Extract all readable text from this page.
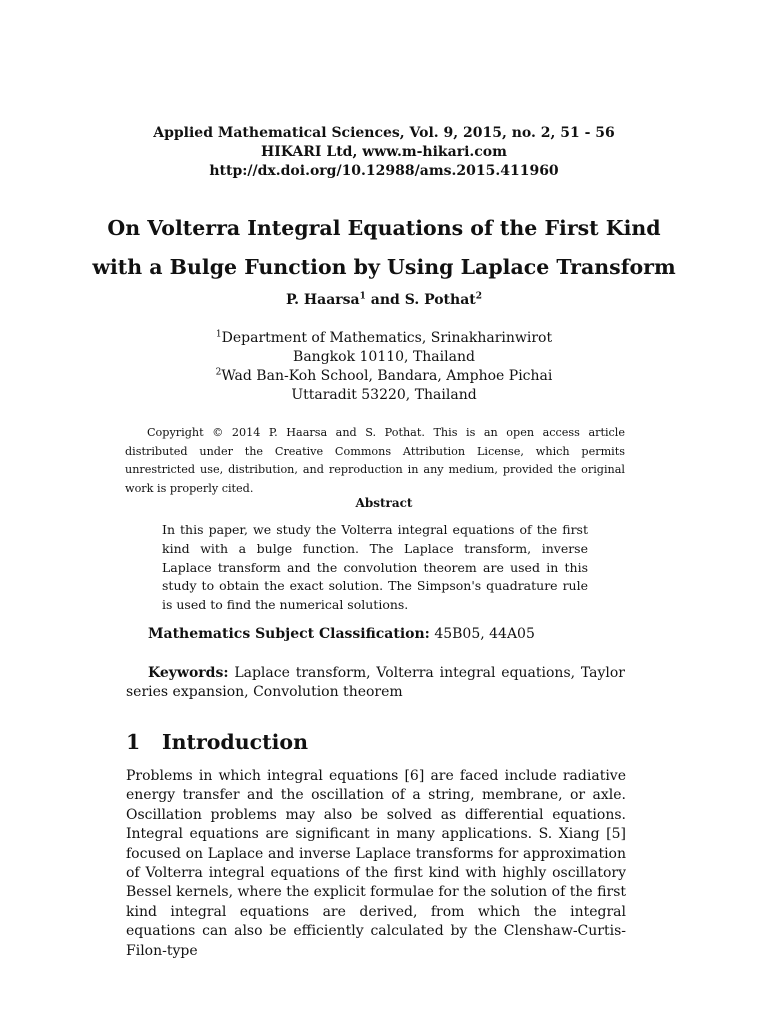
Applied Mathematical Sciences, Vol. 9, 2015, no. 2, 51 - 56
HIKARI Ltd, www.m-hikari.com
http://dx.doi.org/10.12988/ams.2015.411960
On Volterra Integral Equations of the First Kind
with a Bulge Function by Using Laplace Transform
P. Haarsa$^1$ and S. Pothat$^2$
$^1$Department of Mathematics, Srinakharinwirot
Bangkok 10110, Thailand
$^2$Wad Ban-Koh School, Bandara, Amphoe Pichai
Uttaradit 53220, Thailand
Copyright © 2014 P. Haarsa and S. Pothat. This is an open access article distributed under the Creative Commons Attribution License, which permits unrestricted use, distribution, and reproduction in any medium, provided the original work is properly cited.
Abstract
In this paper, we study the Volterra integral equations of the first kind with a bulge function. The Laplace transform, inverse Laplace transform and the convolution theorem are used in this study to obtain the exact solution. The Simpson's quadrature rule is used to find the numerical solutions.
Mathematics Subject Classification: 45B05, 44A05
Keywords: Laplace transform, Volterra integral equations, Taylor series expansion, Convolution theorem
1 Introduction
Problems in which integral equations [6] are faced include radiative energy transfer and the oscillation of a string, membrane, or axle. Oscillation problems may also be solved as differential equations. Integral equations are significant in many applications. S. Xiang [5] focused on Laplace and inverse Laplace transforms for approximation of Volterra integral equations of the first kind with highly oscillatory Bessel kernels, where the explicit formulae for the solution of the first kind integral equations are derived, from which the integral equations can also be efficiently calculated by the Clenshaw-Curtis-Filon-type
